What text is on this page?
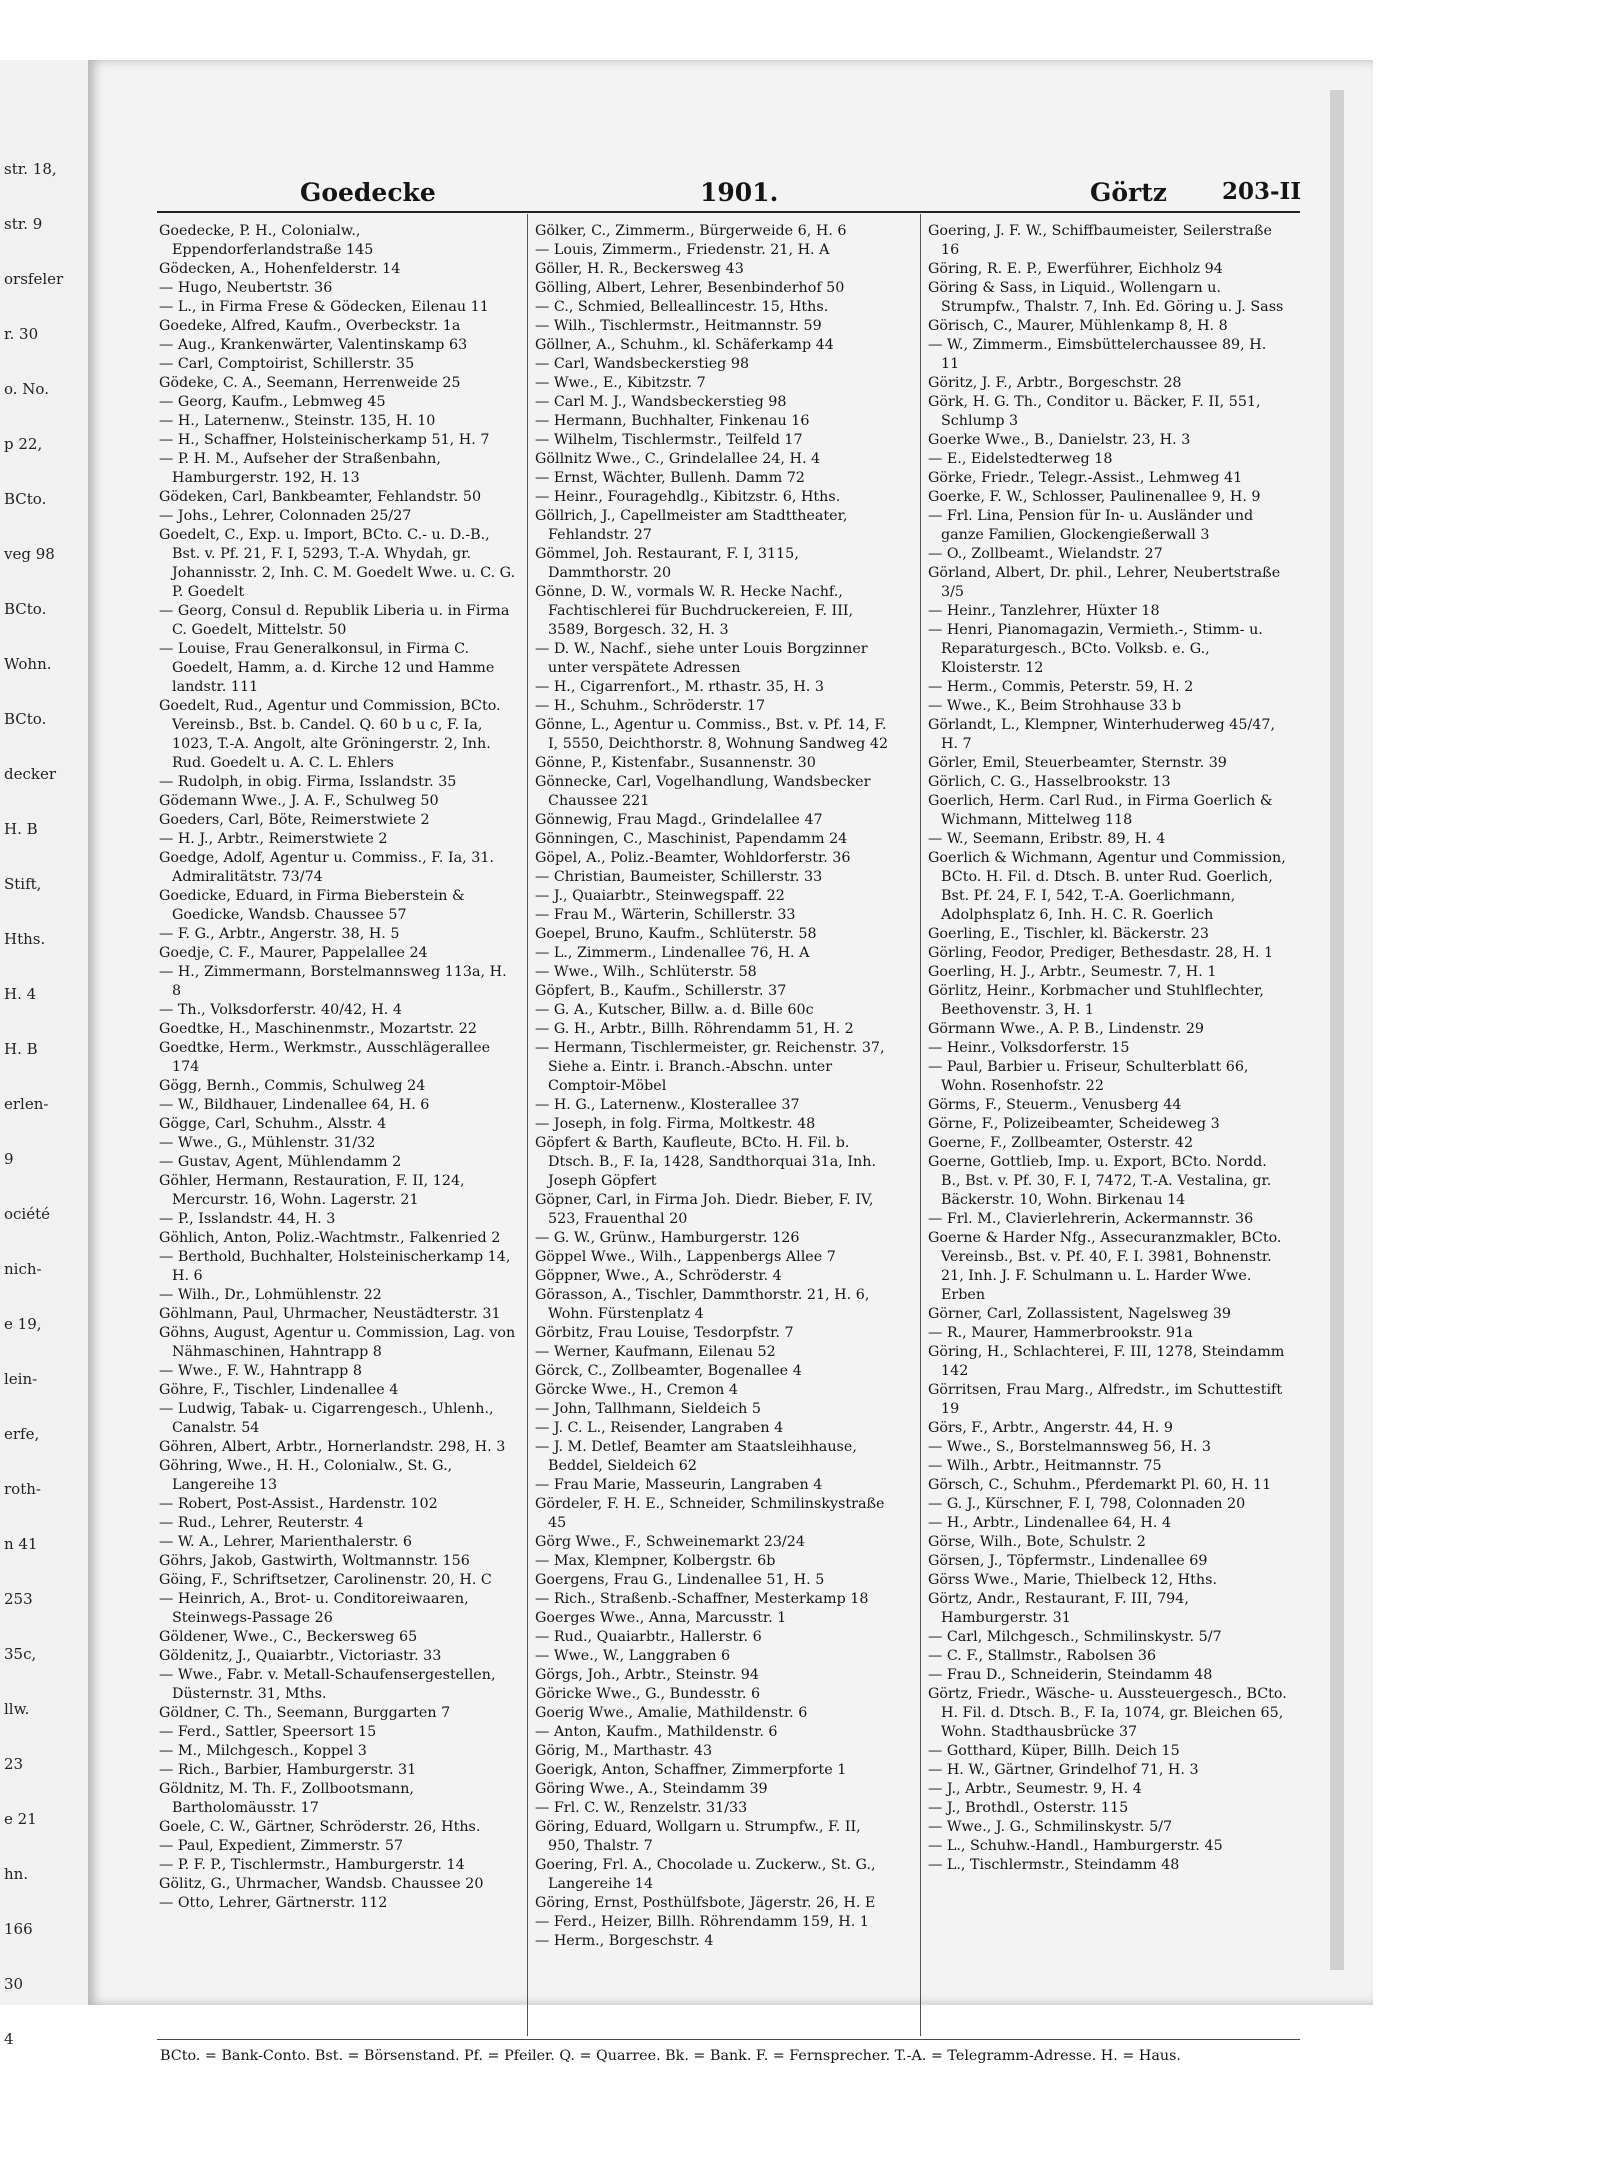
str. 18,
str. 9
orsfeler
r. 30
o. No.
p 22,
BCto.
veg 98
BCto.
Wohn.
BCto.
decker
H. B
Stift,
Hths.
H. 4
H. B
erlen-
9
ociété
nich-
e 19,
lein-
erfe,
roth-
n 41
253
35c,
llw.
23
e 21
hn.
166
30
4
Goedecke	1901.	Görtz 203-II

Goedecke, P. H., Colonialw., Eppendorferlandstraße 145

Gödecken, A., Hohenfelderstr. 14

— Hugo, Neubertstr. 36

— L., in Firma Frese & Gödecken, Eilenau 11

Goedeke, Alfred, Kaufm., Overbeckstr. 1a

— Aug., Krankenwärter, Valentinskamp 63

— Carl, Comptoirist, Schillerstr. 35

Gödeke, C. A., Seemann, Herrenweide 25

— Georg, Kaufm., Lebmweg 45

— H., Laternenw., Steinstr. 135, H. 10

— H., Schaffner, Holsteinischerkamp 51, H. 7

— P. H. M., Aufseher der Straßenbahn, Hamburgerstr. 192, H. 13

Gödeken, Carl, Bankbeamter, Fehlandstr. 50

— Johs., Lehrer, Colonnaden 25/27

Goedelt, C., Exp. u. Import, BCto. C.- u. D.-B., Bst. v. Pf. 21, F. I, 5293, T.-A. Whydah, gr. Johannisstr. 2, Inh. C. M. Goedelt Wwe. u. C. G. P. Goedelt

— Georg, Consul d. Republik Liberia u. in Firma C. Goedelt, Mittelstr. 50

— Louise, Frau Generalkonsul, in Firma C. Goedelt, Hamm, a. d. Kirche 12 und Hamme landstr. 111

Goedelt, Rud., Agentur und Commission, BCto. Vereinsb., Bst. b. Candel. Q. 60 b u c, F. Ia, 1023, T.-A. Angolt, alte Gröningerstr. 2, Inh. Rud. Goedelt u. A. C. L. Ehlers

— Rudolph, in obig. Firma, Isslandstr. 35

Gödemann Wwe., J. A. F., Schulweg 50

Goeders, Carl, Böte, Reimerstwiete 2

— H. J., Arbtr., Reimerstwiete 2

Goedge, Adolf, Agentur u. Commiss., F. Ia, 31. Admiralitätstr. 73/74

Goedicke, Eduard, in Firma Bieberstein & Goedicke, Wandsb. Chaussee 57

— F. G., Arbtr., Angerstr. 38, H. 5

Goedje, C. F., Maurer, Pappelallee 24

— H., Zimmermann, Borstelmannsweg 113a, H. 8

— Th., Volksdorferstr. 40/42, H. 4

Goedtke, H., Maschinenmstr., Mozartstr. 22

Goedtke, Herm., Werkmstr., Ausschlägerallee 174

Gögg, Bernh., Commis, Schulweg 24

— W., Bildhauer, Lindenallee 64, H. 6

Gögge, Carl, Schuhm., Alsstr. 4

— Wwe., G., Mühlenstr. 31/32

— Gustav, Agent, Mühlendamm 2

Göhler, Hermann, Restauration, F. II, 124, Mercurstr. 16, Wohn. Lagerstr. 21

— P., Isslandstr. 44, H. 3

Göhlich, Anton, Poliz.-Wachtmstr., Falkenried 2

— Berthold, Buchhalter, Holsteinischerkamp 14, H. 6

— Wilh., Dr., Lohmühlenstr. 22

Göhlmann, Paul, Uhrmacher, Neustädterstr. 31

Göhns, August, Agentur u. Commission, Lag. von Nähmaschinen, Hahntrapp 8

— Wwe., F. W., Hahntrapp 8

Göhre, F., Tischler, Lindenallee 4

— Ludwig, Tabak- u. Cigarrengesch., Uhlenh., Canalstr. 54

Göhren, Albert, Arbtr., Hornerlandstr. 298, H. 3

Göhring, Wwe., H. H., Colonialw., St. G., Langereihe 13

— Robert, Post-Assist., Hardenstr. 102

— Rud., Lehrer, Reuterstr. 4

— W. A., Lehrer, Marienthalerstr. 6

Göhrs, Jakob, Gastwirth, Woltmannstr. 156

Göing, F., Schriftsetzer, Carolinenstr. 20, H. C

— Heinrich, A., Brot- u. Conditoreiwaaren, Steinwegs-Passage 26

Göldener, Wwe., C., Beckersweg 65

Göldenitz, J., Quaiarbtr., Victoriastr. 33

— Wwe., Fabr. v. Metall-Schaufensergestellen, Düsternstr. 31, Mths.

Göldner, C. Th., Seemann, Burggarten 7

— Ferd., Sattler, Speersort 15

— M., Milchgesch., Koppel 3

— Rich., Barbier, Hamburgerstr. 31

Göldnitz, M. Th. F., Zollbootsmann, Bartholomäusstr. 17

Goele, C. W., Gärtner, Schröderstr. 26, Hths.

— Paul, Expedient, Zimmerstr. 57

— P. F. P., Tischlermstr., Hamburgerstr. 14

Gölitz, G., Uhrmacher, Wandsb. Chaussee 20

— Otto, Lehrer, Gärtnerstr. 112

Gölker, C., Zimmerm., Bürgerweide 6, H. 6

— Louis, Zimmerm., Friedenstr. 21, H. A

Göller, H. R., Beckersweg 43

Gölling, Albert, Lehrer, Besenbinderhof 50

— C., Schmied, Belleallincestr. 15, Hths.

— Wilh., Tischlermstr., Heitmannstr. 59

Göllner, A., Schuhm., kl. Schäferkamp 44

— Carl, Wandsbeckerstieg 98

— Wwe., E., Kibitzstr. 7

— Carl M. J., Wandsbeckerstieg 98

— Hermann, Buchhalter, Finkenau 16

— Wilhelm, Tischlermstr., Teilfeld 17

Göllnitz Wwe., C., Grindelallee 24, H. 4

— Ernst, Wächter, Bullenh. Damm 72

— Heinr., Fouragehdlg., Kibitzstr. 6, Hths.

Göllrich, J., Capellmeister am Stadttheater, Fehlandstr. 27

Gömmel, Joh. Restaurant, F. I, 3115, Dammthorstr. 20

Gönne, D. W., vormals W. R. Hecke Nachf., Fachtischlerei für Buchdruckereien, F. III, 3589, Borgesch. 32, H. 3

— D. W., Nachf., siehe unter Louis Borgzinner unter verspätete Adressen

— H., Cigarrenfort., M. rthastr. 35, H. 3

— H., Schuhm., Schröderstr. 17

Gönne, L., Agentur u. Commiss., Bst. v. Pf. 14, F. I, 5550, Deichthorstr. 8, Wohnung Sandweg 42

Gönne, P., Kistenfabr., Susannenstr. 30

Gönnecke, Carl, Vogelhandlung, Wandsbecker Chaussee 221

Gönnewig, Frau Magd., Grindelallee 47

Gönningen, C., Maschinist, Papendamm 24

Göpel, A., Poliz.-Beamter, Wohldorferstr. 36

— Christian, Baumeister, Schillerstr. 33

— J., Quaiarbtr., Steinwegspaff. 22

— Frau M., Wärterin, Schillerstr. 33

Goepel, Bruno, Kaufm., Schlüterstr. 58

— L., Zimmerm., Lindenallee 76, H. A

— Wwe., Wilh., Schlüterstr. 58

Göpfert, B., Kaufm., Schillerstr. 37

— G. A., Kutscher, Billw. a. d. Bille 60c

— G. H., Arbtr., Billh. Röhrendamm 51, H. 2

— Hermann, Tischlermeister, gr. Reichenstr. 37, Siehe a. Eintr. i. Branch.-Abschn. unter Comptoir-Möbel

— H. G., Laternenw., Klosterallee 37

— Joseph, in folg. Firma, Moltkestr. 48

Göpfert & Barth, Kaufleute, BCto. H. Fil. b. Dtsch. B., F. Ia, 1428, Sandthorquai 31a, Inh. Joseph Göpfert

Göpner, Carl, in Firma Joh. Diedr. Bieber, F. IV, 523, Frauenthal 20

— G. W., Grünw., Hamburgerstr. 126

Göppel Wwe., Wilh., Lappenbergs Allee 7

Göppner, Wwe., A., Schröderstr. 4

Görasson, A., Tischler, Dammthorstr. 21, H. 6, Wohn. Fürstenplatz 4

Görbitz, Frau Louise, Tesdorpfstr. 7

— Werner, Kaufmann, Eilenau 52

Görck, C., Zollbeamter, Bogenallee 4

Görcke Wwe., H., Cremon 4

— John, Tallhmann, Sieldeich 5

— J. C. L., Reisender, Langraben 4

— J. M. Detlef, Beamter am Staatsleihhause, Beddel, Sieldeich 62

— Frau Marie, Masseurin, Langraben 4

Gördeler, F. H. E., Schneider, Schmilinskystraße 45

Görg Wwe., F., Schweinemarkt 23/24

— Max, Klempner, Kolbergstr. 6b

Goergens, Frau G., Lindenallee 51, H. 5

— Rich., Straßenb.-Schaffner, Mesterkamp 18

Goerges Wwe., Anna, Marcusstr. 1

— Rud., Quaiarbtr., Hallerstr. 6

— Wwe., W., Langgraben 6

Görgs, Joh., Arbtr., Steinstr. 94

Göricke Wwe., G., Bundesstr. 6

Goerig Wwe., Amalie, Mathildenstr. 6

— Anton, Kaufm., Mathildenstr. 6

Görig, M., Marthastr. 43

Goerigk, Anton, Schaffner, Zimmerpforte 1

Göring Wwe., A., Steindamm 39

— Frl. C. W., Renzelstr. 31/33

Göring, Eduard, Wollgarn u. Strumpfw., F. II, 950, Thalstr. 7

Goering, Frl. A., Chocolade u. Zuckerw., St. G., Langereihe 14

Göring, Ernst, Posthülfsbote, Jägerstr. 26, H. E

— Ferd., Heizer, Billh. Röhrendamm 159, H. 1

— Herm., Borgeschstr. 4

Goering, J. F. W., Schiffbaumeister, Seilerstraße 16

Göring, R. E. P., Ewerführer, Eichholz 94

Göring & Sass, in Liquid., Wollengarn u. Strumpfw., Thalstr. 7, Inh. Ed. Göring u. J. Sass

Görisch, C., Maurer, Mühlenkamp 8, H. 8

— W., Zimmerm., Eimsbüttelerchaussee 89, H. 11

Göritz, J. F., Arbtr., Borgeschstr. 28

Görk, H. G. Th., Conditor u. Bäcker, F. II, 551, Schlump 3

Goerke Wwe., B., Danielstr. 23, H. 3

— E., Eidelstedterweg 18

Görke, Friedr., Telegr.-Assist., Lehmweg 41

Goerke, F. W., Schlosser, Paulinenallee 9, H. 9

— Frl. Lina, Pension für In- u. Ausländer und ganze Familien, Glockengießerwall 3

— O., Zollbeamt., Wielandstr. 27

Görland, Albert, Dr. phil., Lehrer, Neubertstraße 3/5

— Heinr., Tanzlehrer, Hüxter 18

— Henri, Pianomagazin, Vermieth.-, Stimm- u. Reparaturgesch., BCto. Volksb. e. G., Kloisterstr. 12

— Herm., Commis, Peterstr. 59, H. 2

— Wwe., K., Beim Strohhause 33 b

Görlandt, L., Klempner, Winterhuderweg 45/47, H. 7

Görler, Emil, Steuerbeamter, Sternstr. 39

Görlich, C. G., Hasselbrookstr. 13

Goerlich, Herm. Carl Rud., in Firma Goerlich & Wichmann, Mittelweg 118

— W., Seemann, Eribstr. 89, H. 4

Goerlich & Wichmann, Agentur und Commission, BCto. H. Fil. d. Dtsch. B. unter Rud. Goerlich, Bst. Pf. 24, F. I, 542, T.-A. Goerlichmann, Adolphsplatz 6, Inh. H. C. R. Goerlich

Goerling, E., Tischler, kl. Bäckerstr. 23

Görling, Feodor, Prediger, Bethesdastr. 28, H. 1

Goerling, H. J., Arbtr., Seumestr. 7, H. 1

Görlitz, Heinr., Korbmacher und Stuhlflechter, Beethovenstr. 3, H. 1

Görmann Wwe., A. P. B., Lindenstr. 29

— Heinr., Volksdorferstr. 15

— Paul, Barbier u. Friseur, Schulterblatt 66, Wohn. Rosenhofstr. 22

Görms, F., Steuerm., Venusberg 44

Görne, F., Polizeibeamter, Scheideweg 3

Goerne, F., Zollbeamter, Osterstr. 42

Goerne, Gottlieb, Imp. u. Export, BCto. Nordd. B., Bst. v. Pf. 30, F. I, 7472, T.-A. Vestalina, gr. Bäckerstr. 10, Wohn. Birkenau 14

— Frl. M., Clavierlehrerin, Ackermannstr. 36

Goerne & Harder Nfg., Assecuranzmakler, BCto. Vereinsb., Bst. v. Pf. 40, F. I. 3981, Bohnenstr. 21, Inh. J. F. Schulmann u. L. Harder Wwe. Erben

Görner, Carl, Zollassistent, Nagelsweg 39

— R., Maurer, Hammerbrookstr. 91a

Göring, H., Schlachterei, F. III, 1278, Steindamm 142

Görritsen, Frau Marg., Alfredstr., im Schuttestift 19

Görs, F., Arbtr., Angerstr. 44, H. 9

— Wwe., S., Borstelmannsweg 56, H. 3

— Wilh., Arbtr., Heitmannstr. 75

Görsch, C., Schuhm., Pferdemarkt Pl. 60, H. 11

— G. J., Kürschner, F. I, 798, Colonnaden 20

— H., Arbtr., Lindenallee 64, H. 4

Görse, Wilh., Bote, Schulstr. 2

Görsen, J., Töpfermstr., Lindenallee 69

Görss Wwe., Marie, Thielbeck 12, Hths.

Görtz, Andr., Restaurant, F. III, 794, Hamburgerstr. 31

— Carl, Milchgesch., Schmilinskystr. 5/7

— C. F., Stallmstr., Rabolsen 36

— Frau D., Schneiderin, Steindamm 48

Görtz, Friedr., Wäsche- u. Aussteuergesch., BCto. H. Fil. d. Dtsch. B., F. Ia, 1074, gr. Bleichen 65, Wohn. Stadthausbrücke 37

— Gotthard, Küper, Billh. Deich 15

— H. W., Gärtner, Grindelhof 71, H. 3

— J., Arbtr., Seumestr. 9, H. 4

— J., Brothdl., Osterstr. 115

— Wwe., J. G., Schmilinskystr. 5/7

— L., Schuhw.-Handl., Hamburgerstr. 45

— L., Tischlermstr., Steindamm 48

BCto. = Bank-Conto. Bst. = Börsenstand. Pf. = Pfeiler. Q. = Quarree. Bk. = Bank. F. = Fernsprecher. T.-A. = Telegramm-Adresse. H. = Haus.
